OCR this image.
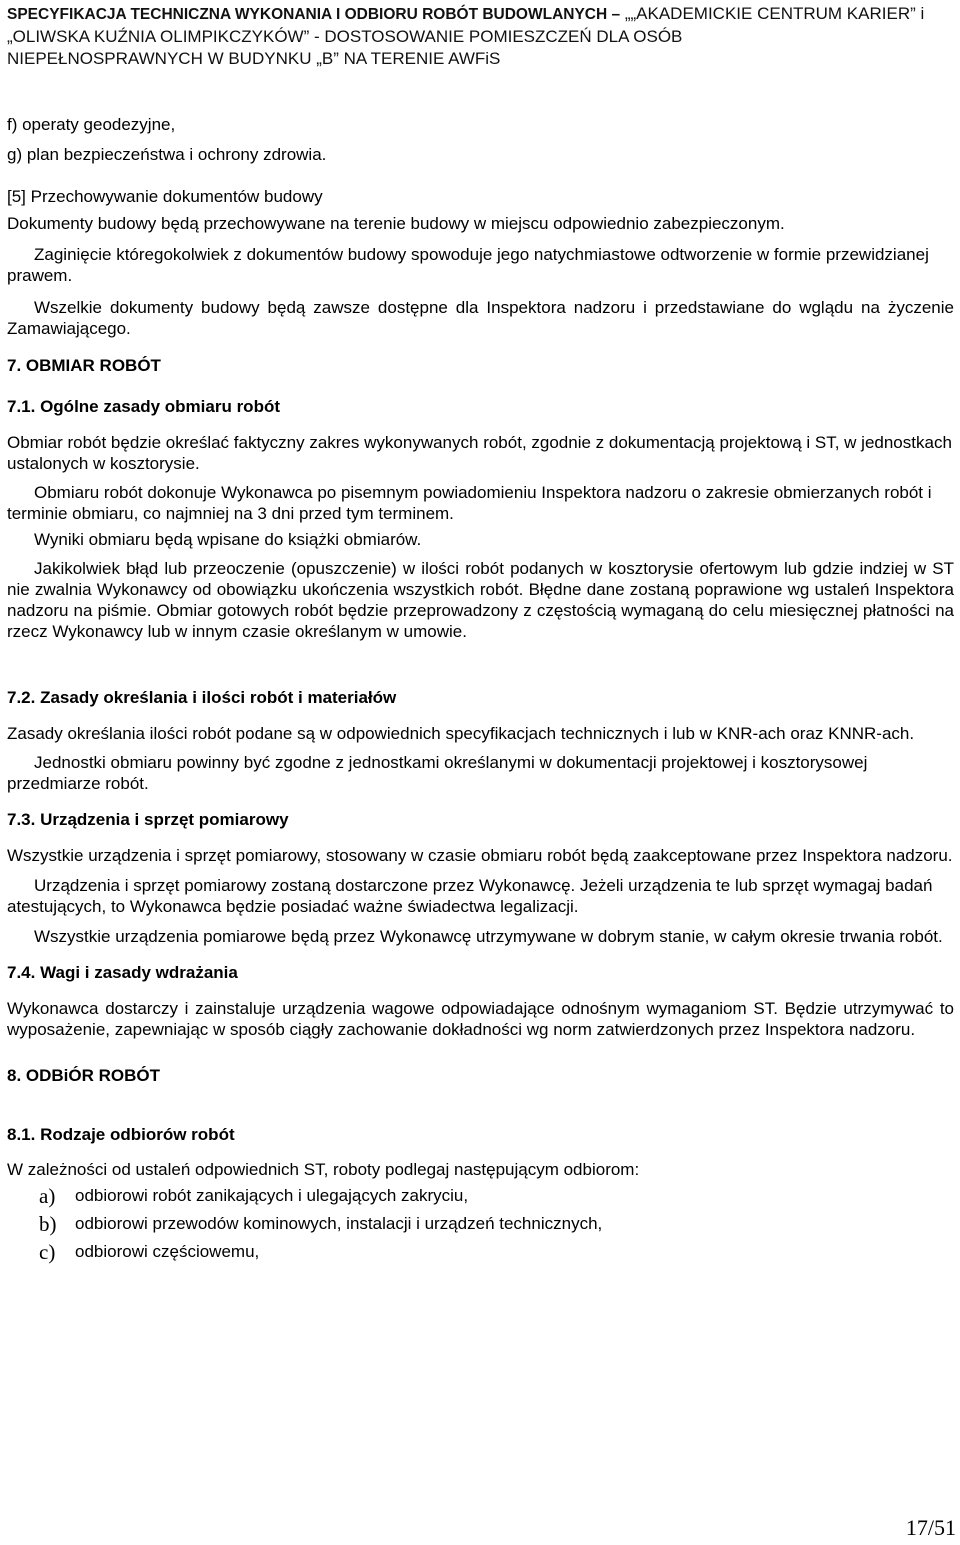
SPECYFIKACJA TECHNICZNA WYKONANIA I ODBIORU ROBÓT BUDOWLANYCH – „„AKADEMICKIE CENTRUM KARIER” i
„OLIWSKA KUŹNIA OLIMPIKCZYKÓW” - DOSTOSOWANIE POMIESZCZEŃ DLA OSÓB
NIEPEŁNOSPRAWNYCH W BUDYNKU „B” NA TERENIE AWFiS

f) operaty geodezyjne,

g) plan bezpieczeństwa i ochrony zdrowia.

[5] Przechowywanie dokumentów budowy

Dokumenty budowy będą przechowywane na terenie budowy w miejscu odpowiednio zabezpieczonym.

Zaginięcie któregokolwiek z dokumentów budowy spowoduje jego natychmiastowe odtworzenie w formie przewidzianej prawem.

Wszelkie dokumenty budowy będą zawsze dostępne dla Inspektora nadzoru i przedstawiane do wglądu na życzenie Zamawiającego.

7. OBMIAR ROBÓT

7.1. Ogólne zasady obmiaru robót

Obmiar robót będzie określać faktyczny zakres wykonywanych robót, zgodnie z dokumentacją projektową i ST, w jednostkach ustalonych w kosztorysie.

Obmiaru robót dokonuje Wykonawca po pisemnym powiadomieniu Inspektora nadzoru o zakresie obmierzanych robót i terminie obmiaru, co najmniej na 3 dni przed tym terminem.

Wyniki obmiaru będą wpisane do książki obmiarów.

Jakikolwiek błąd lub przeoczenie (opuszczenie) w ilości robót podanych w kosztorysie ofertowym lub gdzie indziej w ST nie zwalnia Wykonawcy od obowiązku ukończenia wszystkich robót. Błędne dane zostaną poprawione wg ustaleń Inspektora nadzoru na piśmie. Obmiar gotowych robót będzie przeprowadzony z częstością wymaganą do celu miesięcznej płatności na rzecz Wykonawcy lub w innym czasie określanym w umowie.

7.2. Zasady określania i ilości robót i materiałów

Zasady określania ilości robót podane są w odpowiednich specyfikacjach technicznych i lub w KNR-ach oraz KNNR-ach.

Jednostki obmiaru powinny być zgodne z jednostkami określanymi w dokumentacji projektowej i kosztorysowej przedmiarze robót.

7.3. Urządzenia i sprzęt pomiarowy

Wszystkie urządzenia i sprzęt pomiarowy, stosowany w czasie obmiaru robót będą zaakceptowane przez Inspektora nadzoru.

Urządzenia i sprzęt pomiarowy zostaną dostarczone przez Wykonawcę. Jeżeli urządzenia te lub sprzęt wymagaj badań atestujących, to Wykonawca będzie posiadać ważne świadectwa legalizacji.

Wszystkie urządzenia pomiarowe będą przez Wykonawcę utrzymywane w dobrym stanie, w całym okresie trwania robót.

7.4. Wagi i zasady wdrażania

Wykonawca dostarczy i zainstaluje urządzenia wagowe odpowiadające odnośnym wymaganiom ST. Będzie utrzymywać to wyposażenie, zapewniając w sposób ciągły zachowanie dokładności wg norm zatwierdzonych przez Inspektora nadzoru.

8. ODBiÓR ROBÓT

8.1. Rodzaje odbiorów robót

W zależności od ustaleń odpowiednich ST, roboty podlegaj następującym odbiorom:

a)	odbiorowi robót zanikających i ulegających zakryciu,
b)	odbiorowi przewodów kominowych, instalacji i urządzeń technicznych,
c)	odbiorowi częściowemu,
17/51
